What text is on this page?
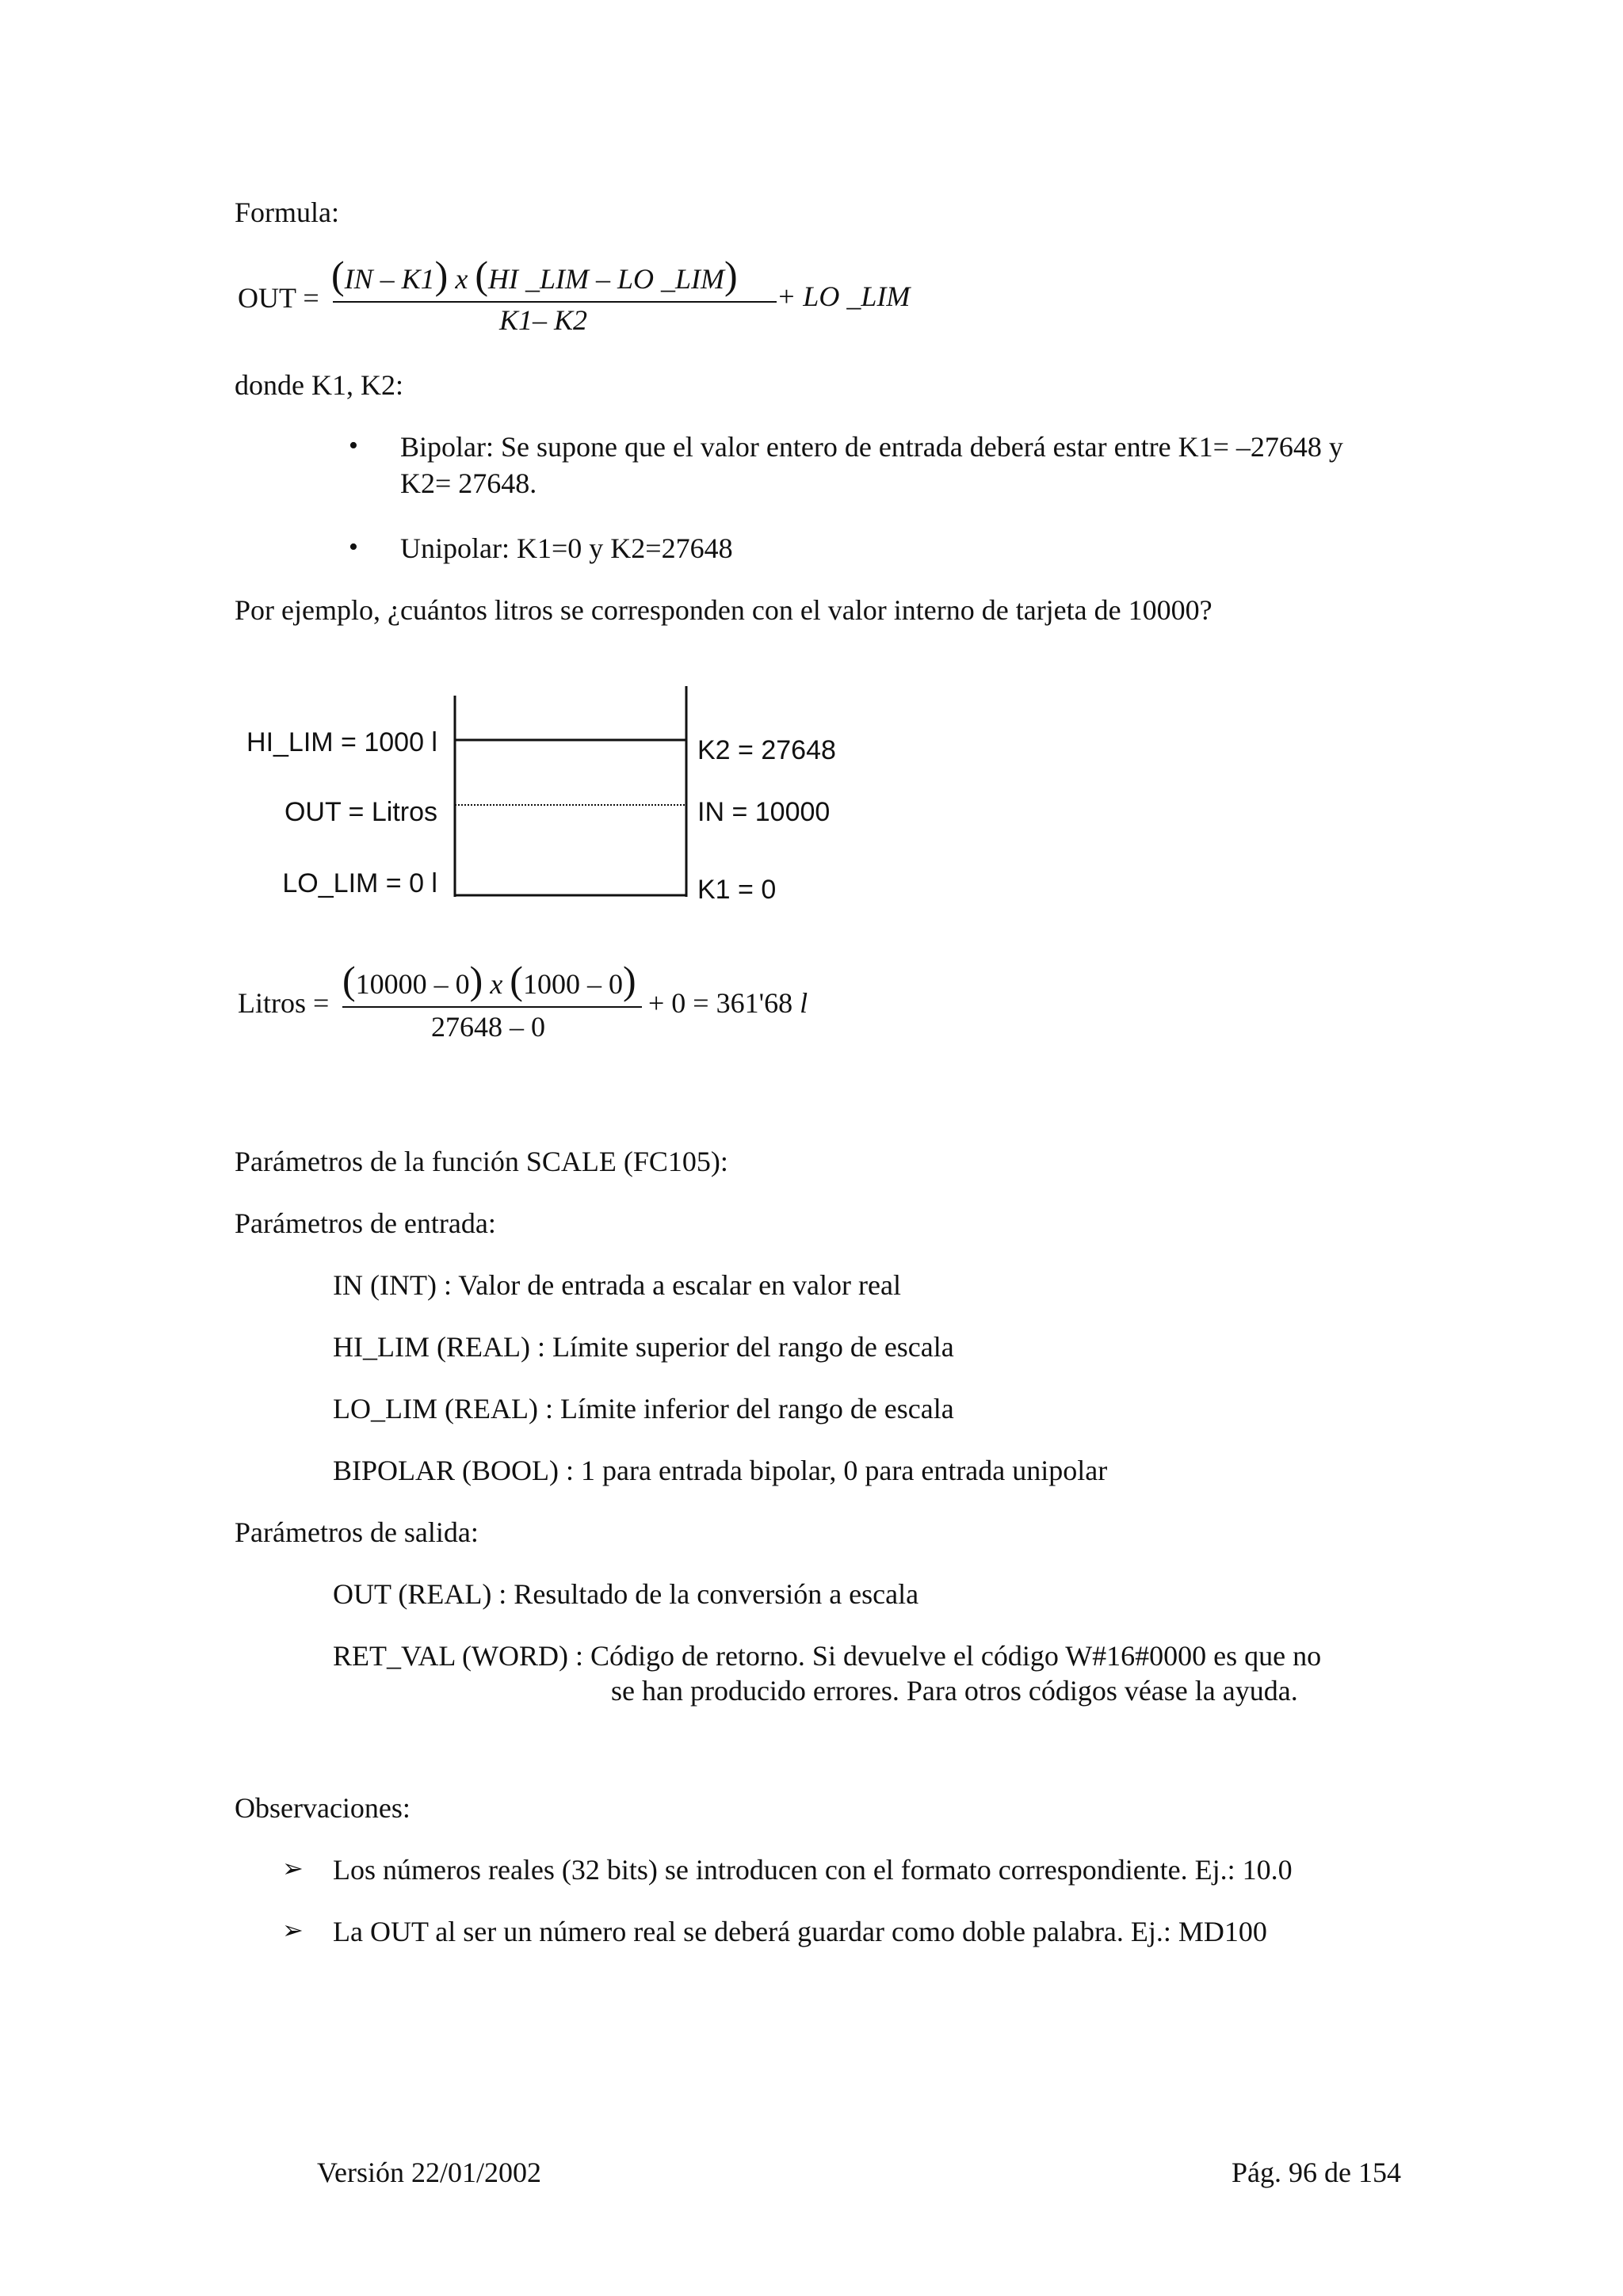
Formula:
OUT =
(IN – K1) x (HI _LIM – LO _LIM)
K1– K2
+ LO _LIM
donde K1, K2:
• Bipolar: Se supone que el valor entero de entrada deberá estar entre K1= –27648 y
K2= 27648.
• Unipolar: K1=0 y K2=27648
Por ejemplo, ¿cuántos litros se corresponden con el valor interno de tarjeta de 10000?
HI_LIM = 1000 l
OUT = Litros
LO_LIM = 0 l
K2 = 27648
IN = 10000
K1 = 0
Litros =
(10000 – 0) x (1000 – 0)
27648 – 0
+ 0 = 361'68 l
Parámetros de la función SCALE (FC105):
Parámetros de entrada:
IN (INT) : Valor de entrada a escalar en valor real
HI_LIM (REAL) : Límite superior del rango de escala
LO_LIM (REAL) : Límite inferior del rango de escala
BIPOLAR (BOOL) : 1 para entrada bipolar, 0 para entrada unipolar
Parámetros de salida:
OUT (REAL) : Resultado de la conversión a escala
RET_VAL (WORD) : Código de retorno. Si devuelve el código W#16#0000 es que no
se han producido errores. Para otros códigos véase la ayuda.
Observaciones:
➢ Los números reales (32 bits) se introducen con el formato correspondiente. Ej.: 10.0
➢ La OUT al ser un número real se deberá guardar como doble palabra. Ej.: MD100
Versión 22/01/2002	Pág. 96 de 154
